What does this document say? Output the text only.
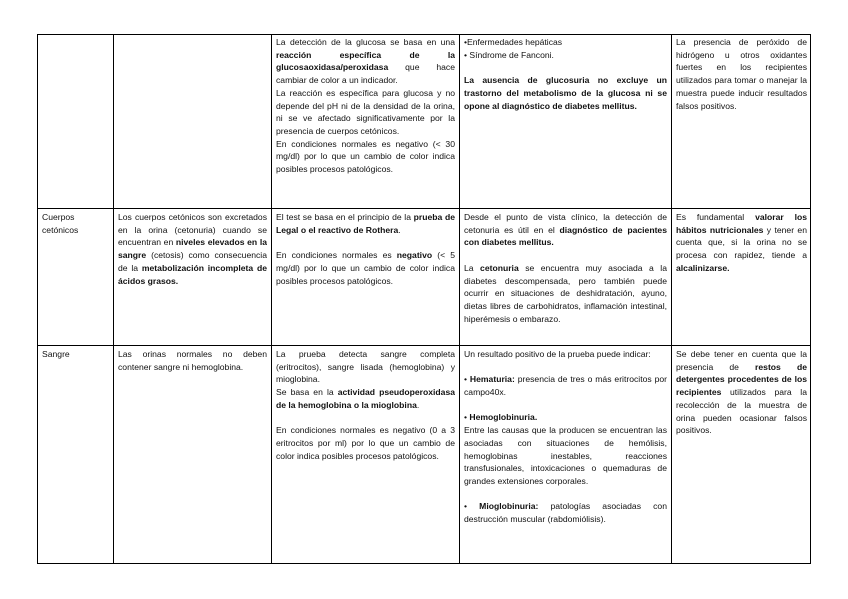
La detección de la glucosa se basa en una reacción específica de la glucosaoxidasa/peroxidasa que hace cambiar de color a un indicador.

La reacción es específica para glucosa y no depende del pH ni de la densidad de la orina, ni se ve afectado significativamente por la presencia de cuerpos cetónicos.

En condiciones normales es negativo (< 30 mg/dl) por lo que un cambio de color indica posibles procesos patológicos.

•Enfermedades hepáticas

• Síndrome de Fanconi.

La ausencia de glucosuria no excluye un trastorno del metabolismo de la glucosa ni se opone al diagnóstico de diabetes mellitus.

La presencia de peróxido de hidrógeno u otros oxidantes fuertes en los recipientes utilizados para tomar o manejar la muestra puede inducir resultados falsos positivos.

Cuerpos cetónicos

Los cuerpos cetónicos son excretados en la orina (cetonuria) cuando se encuentran en niveles elevados en la sangre (cetosis) como consecuencia de la metabolización incompleta de ácidos grasos.

El test se basa en el principio de la prueba de Legal o el reactivo de Rothera.

En condiciones normales es negativo (< 5 mg/dl) por lo que un cambio de color indica posibles procesos patológicos.

Desde el punto de vista clínico, la detección de cetonuria es útil en el diagnóstico de pacientes con diabetes mellitus.

La cetonuria se encuentra muy asociada a la diabetes descompensada, pero también puede ocurrir en situaciones de deshidratación, ayuno, dietas libres de carbohidratos, inflamación intestinal, hiperémesis o embarazo.

Es fundamental valorar los hábitos nutricionales y tener en cuenta que, si la orina no se procesa con rapidez, tiende a alcalinizarse.

Sangre	Las orinas normales no deben contener sangre ni hemoglobina.

La prueba detecta sangre completa (eritrocitos), sangre lisada (hemoglobina) y mioglobina.

Se basa en la actividad pseudoperoxidasa de la hemoglobina o la mioglobina.

En condiciones normales es negativo (0 a 3 eritrocitos por ml) por lo que un cambio de color indica posibles procesos patológicos.

Un resultado positivo de la prueba puede indicar:

• Hematuria: presencia de tres o más eritrocitos por campo40x.

• Hemoglobinuria.

Entre las causas que la producen se encuentran las asociadas con situaciones de hemólisis, hemoglobinas inestables, reacciones transfusionales, intoxicaciones o quemaduras de grandes extensiones corporales.

• Mioglobinuria: patologías asociadas con destrucción muscular (rabdomiólisis).

Se debe tener en cuenta que la presencia de restos de detergentes procedentes de los recipientes utilizados para la recolección de la muestra de orina pueden ocasionar falsos positivos.
